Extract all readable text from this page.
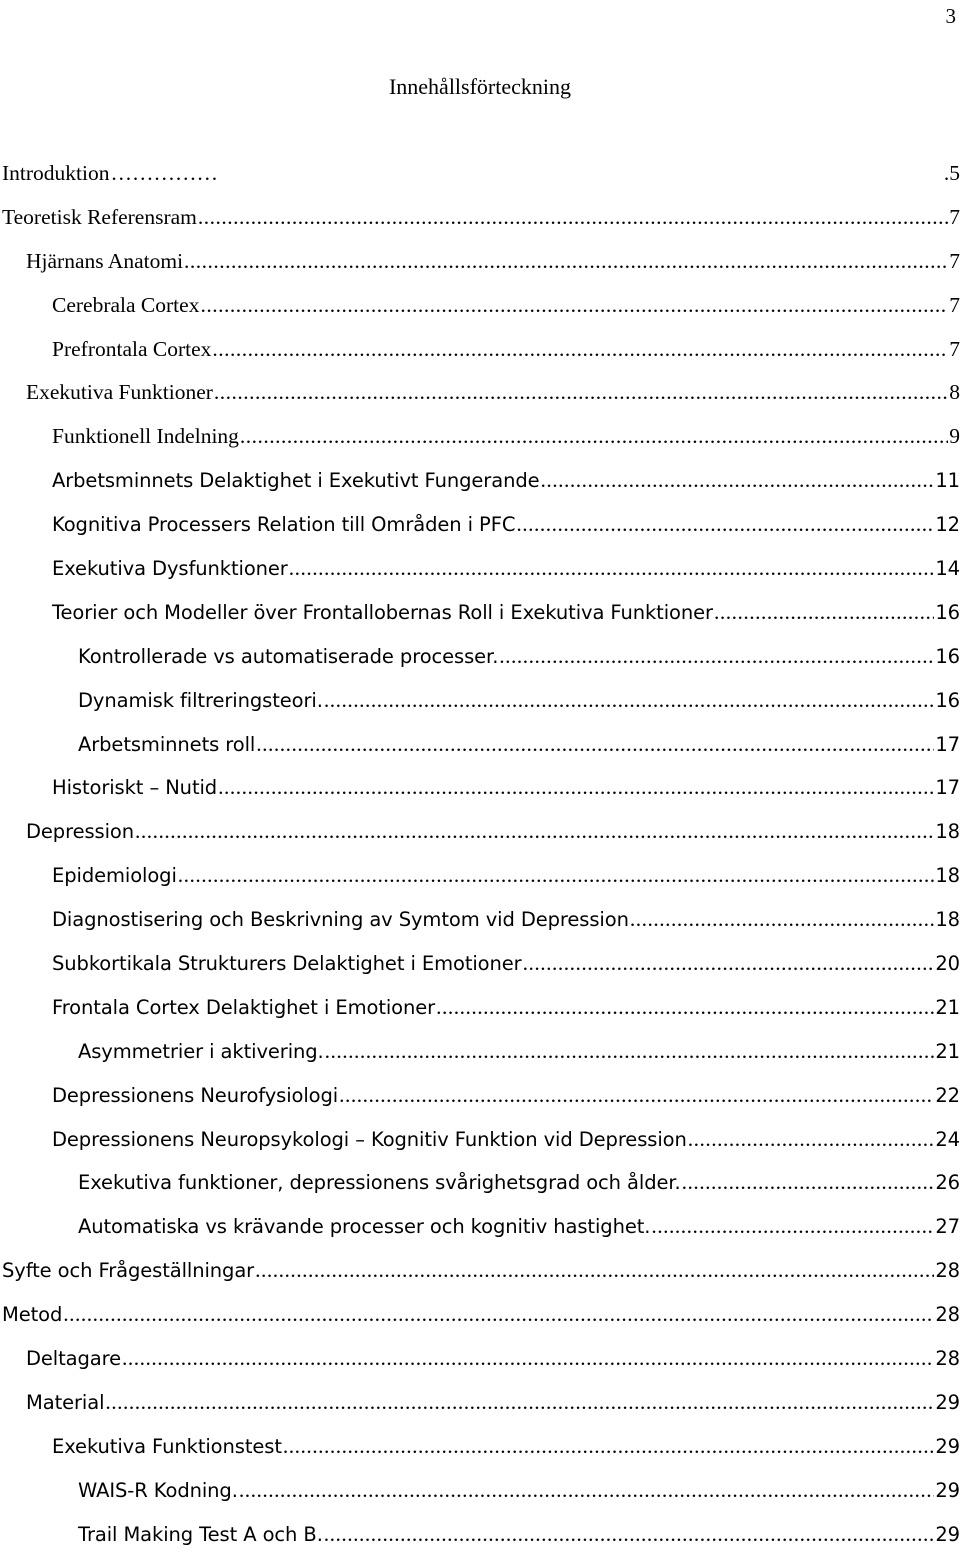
3
Innehållsförteckning
Introduktion ……………	.5
Teoretisk Referensram .....	7
Hjärnans Anatomi .....	7
Cerebrala Cortex .....	7
Prefrontala Cortex .....	7
Exekutiva Funktioner .....	8
Funktionell Indelning .....	9
Arbetsminnets Delaktighet i Exekutivt Fungerande .....	11
Kognitiva Processers Relation till Områden i PFC .....	12
Exekutiva Dysfunktioner .....	14
Teorier och Modeller över Frontallobernas Roll i Exekutiva Funktioner .....	16
Kontrollerade vs automatiserade processer. .....	16
Dynamisk filtreringsteori. .....	16
Arbetsminnets roll .....	17
Historiskt – Nutid .....	17
Depression .....	18
Epidemiologi .....	18
Diagnostisering och Beskrivning av Symtom vid Depression .....	18
Subkortikala Strukturers Delaktighet i Emotioner .....	20
Frontala Cortex Delaktighet i Emotioner .....	21
Asymmetrier i aktivering. .....	21
Depressionens Neurofysiologi .....	22
Depressionens Neuropsykologi – Kognitiv Funktion vid Depression .....	24
Exekutiva funktioner, depressionens svårighetsgrad och ålder. .....	26
Automatiska vs krävande processer och kognitiv hastighet. .....	27
Syfte och Frågeställningar .....	28
Metod .....	28
Deltagare .....	28
Material .....	29
Exekutiva Funktionstest .....	29
WAIS-R Kodning. .....	29
Trail Making Test A och B. .....	29
